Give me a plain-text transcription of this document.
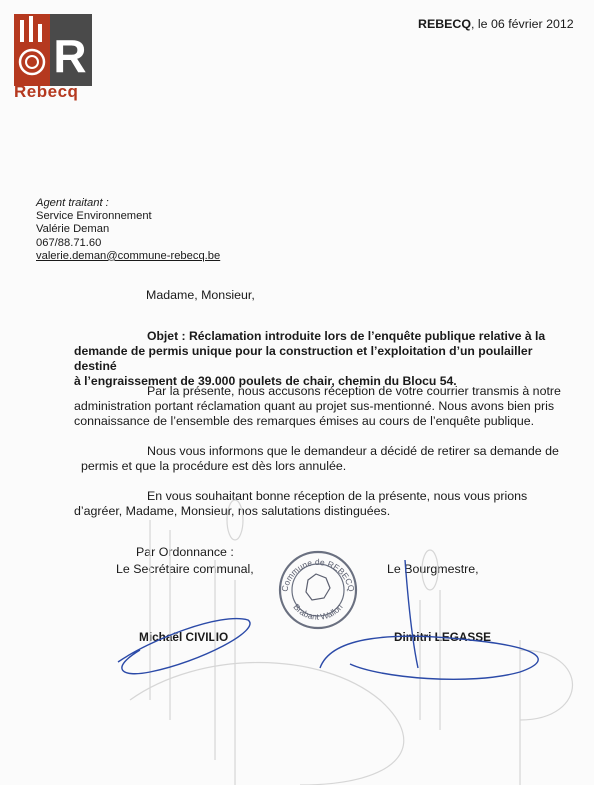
R
Rebecq
REBECQ, le 06 février 2012
Agent traitant :
Service Environnement
Valérie Deman
067/88.71.60
valerie.deman@commune-rebecq.be
Madame, Monsieur,
Objet : Réclamation introduite lors de l’enquête publique relative à la
demande de permis unique pour la construction et l’exploitation d’un poulailler destiné
à l’engraissement de 39.000 poulets de chair, chemin du Blocu 54.
Par la présente, nous accusons réception de votre courrier transmis à notre
administration portant réclamation quant au projet sus-mentionné. Nous avons bien pris
connaissance de l’ensemble des remarques émises au cours de l’enquête publique.
Nous vous informons que le demandeur a décidé de retirer sa demande de
permis et que la procédure est dès lors annulée.
En vous souhaitant bonne réception de la présente, nous vous prions
d’agréer, Madame, Monsieur, nos salutations distinguées.
Par Ordonnance :
Le Secrétaire communal,	Le Bourgmestre,
Michaël CIVILIO	Dimitri LEGASSE
Commune de REBECQ
Brabant Wallon
